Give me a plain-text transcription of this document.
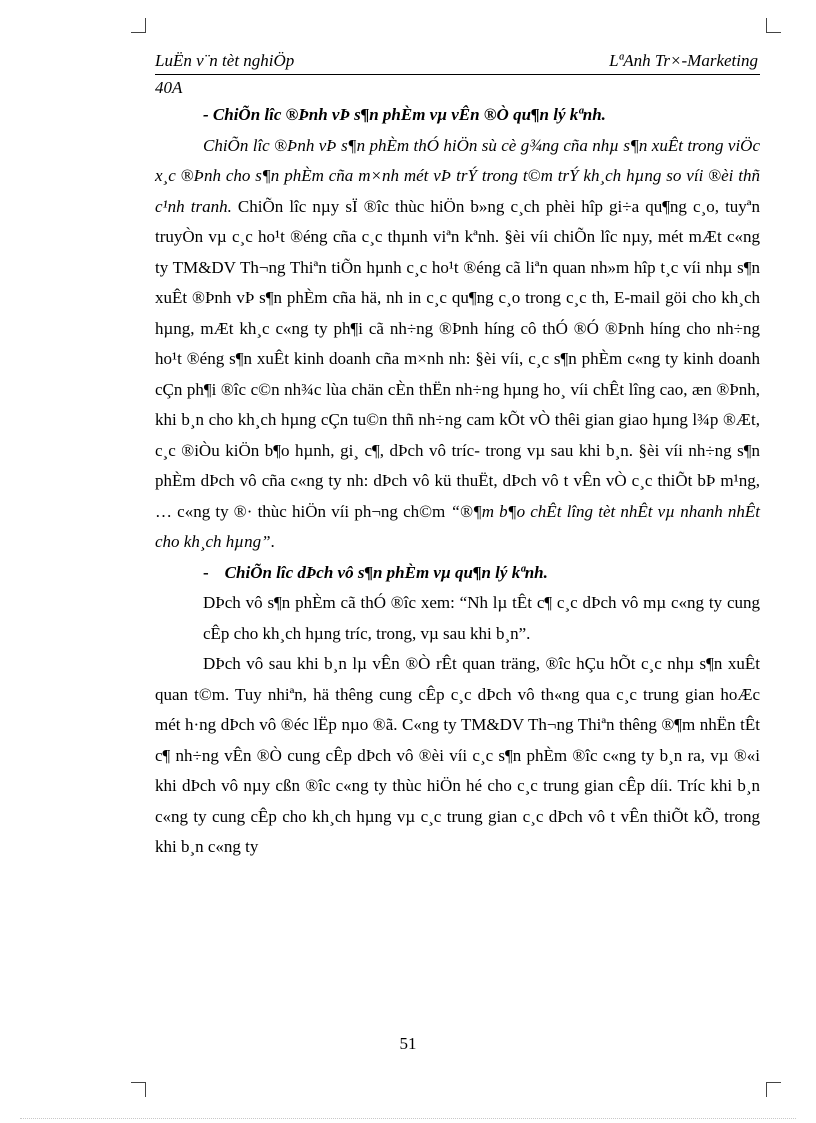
LuËn v¨n tèt nghiÖp	LªAnh Tr×-Marketing
40A

- ChiÕn lîc ®Þnh vÞ s¶n phÈm vµ vÊn ®Ò qu¶n lý kªnh.

ChiÕn lîc ®Þnh vÞ s¶n phÈm thÓ hiÖn sù cè g¾ng cña nhµ s¶n xuÊt trong viÖc x¸c ®Þnh cho s¶n phÈm cña m×nh mét vÞ trÝ trong t©m trÝ kh¸ch hµng so víi ®èi thñ c¹nh tranh. ChiÕn lîc nµy sÏ ®îc thùc hiÖn b»ng c¸ch phèi hîp gi÷a qu¶ng c¸o, tuyªn truyÒn vµ c¸c ho¹t ®éng cña c¸c thµnh viªn kªnh. §èi víi chiÕn lîc nµy, mét mÆt c«ng ty TM&DV Th¬ng Thiªn tiÕn hµnh c¸c ho¹t ®éng cã liªn quan nh»m hîp t¸c víi nhµ s¶n xuÊt ®Þnh vÞ s¶n phÈm cña hä, nh in c¸c qu¶ng c¸o trong c¸c th, E-mail göi cho kh¸ch hµng, mÆt kh¸c c«ng ty ph¶i cã nh÷ng ®Þnh híng cô thÓ ®Ó ®Þnh híng cho nh÷ng ho¹t ®éng s¶n xuÊt kinh doanh cña m×nh nh: §èi víi, c¸c s¶n phÈm c«ng ty kinh doanh cÇn ph¶i ®îc c©n nh¾c lùa chän cÈn thËn nh÷ng hµng ho¸ víi chÊt lîng cao, æn ®Þnh, khi b¸n cho kh¸ch hµng cÇn tu©n thñ nh÷ng cam kÕt vÒ thêi gian giao hµng l¾p ®Æt, c¸c ®iÒu kiÖn b¶o hµnh, gi¸ c¶, dÞch vô tríc- trong vµ sau khi b¸n. §èi víi nh÷ng s¶n phÈm dÞch vô cña c«ng ty nh: dÞch vô kü thuËt, dÞch vô t vÊn vÒ c¸c thiÕt bÞ m¹ng, … c«ng ty ®· thùc hiÖn víi ph¬ng ch©m “®¶m b¶o chÊt lîng tèt nhÊt vµ nhanh nhÊt cho kh¸ch hµng”.

- ChiÕn lîc dÞch vô s¶n phÈm vµ qu¶n lý kªnh.

DÞch vô s¶n phÈm cã thÓ ®îc xem: “Nh lµ tÊt c¶ c¸c dÞch vô mµ c«ng ty cung cÊp cho kh¸ch hµng tríc, trong, vµ sau khi b¸n”.

DÞch vô sau khi b¸n lµ vÊn ®Ò rÊt quan träng, ®îc hÇu hÕt c¸c nhµ s¶n xuÊt quan t©m. Tuy nhiªn, hä thêng cung cÊp c¸c dÞch vô th«ng qua c¸c trung gian hoÆc mét h·ng dÞch vô ®éc lËp nµo ®ã. C«ng ty TM&DV Th¬ng Thiªn thêng ®¶m nhËn tÊt c¶ nh÷ng vÊn ®Ò cung cÊp dÞch vô ®èi víi c¸c s¶n phÈm ®îc c«ng ty b¸n ra, vµ ®«i khi dÞch vô nµy cßn ®îc c«ng ty thùc hiÖn hé cho c¸c trung gian cÊp díi. Tríc khi b¸n c«ng ty cung cÊp cho kh¸ch hµng vµ c¸c trung gian c¸c dÞch vô t vÊn thiÕt kÕ, trong khi b¸n c«ng ty

51
